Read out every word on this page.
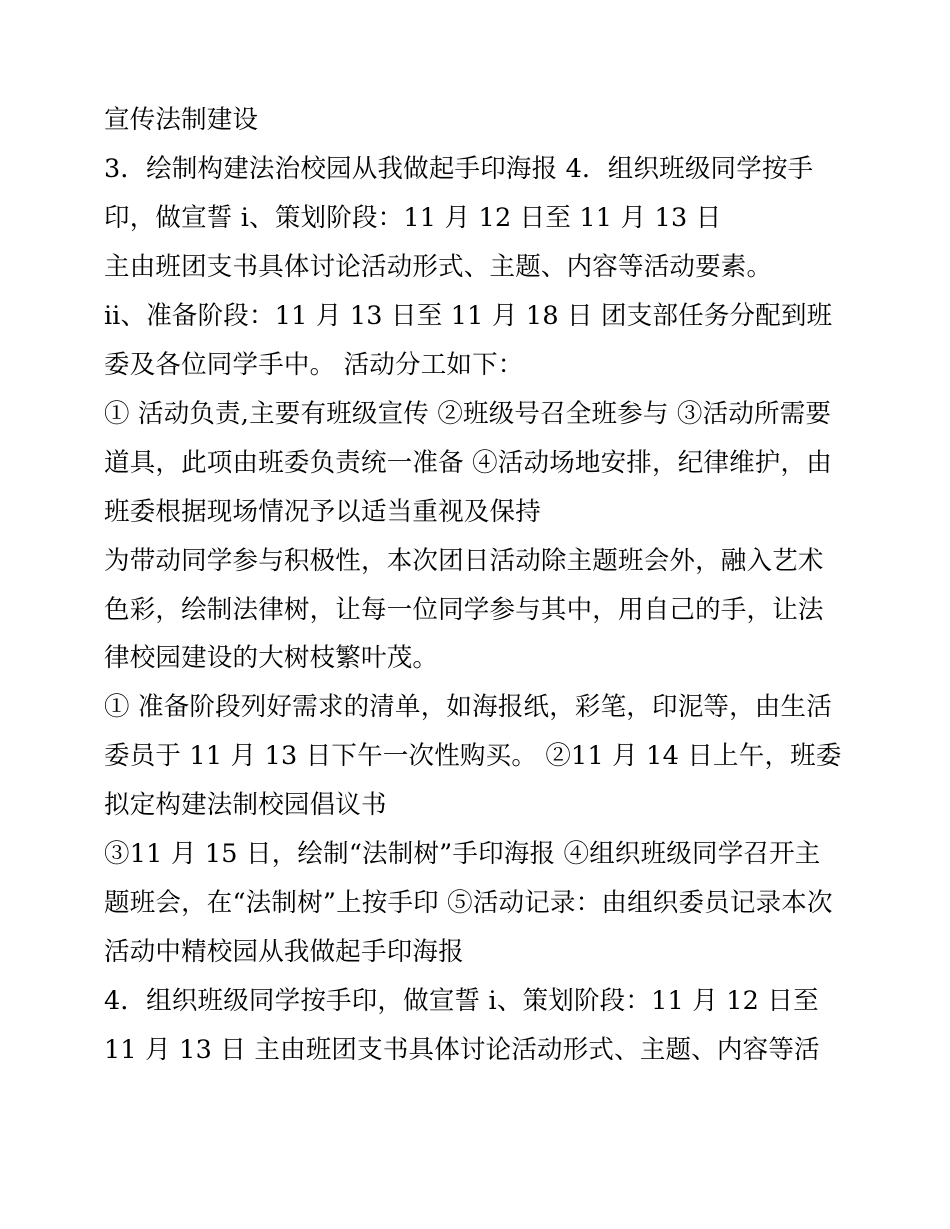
宣传法制建设

3．绘制构建法治校园从我做起手印海报 4．组织班级同学按手印，做宣誓 ⅰ、策划阶段：11 月 12 日至 11 月 13 日

主由班团支书具体讨论活动形式、主题、内容等活动要素。

ⅱ、准备阶段：11 月 13 日至 11 月 18 日 团支部任务分配到班委及各位同学手中。 活动分工如下：

① 活动负责,主要有班级宣传 ②班级号召全班参与 ③活动所需要道具，此项由班委负责统一准备 ④活动场地安排，纪律维护，由班委根据现场情况予以适当重视及保持

为带动同学参与积极性，本次团日活动除主题班会外，融入艺术色彩，绘制法律树，让每一位同学参与其中，用自己的手，让法律校园建设的大树枝繁叶茂。

① 准备阶段列好需求的清单，如海报纸，彩笔，印泥等，由生活委员于 11 月 13 日下午一次性购买。 ②11 月 14 日上午，班委拟定构建法制校园倡议书

③11 月 15 日，绘制“法制树”手印海报 ④组织班级同学召开主题班会，在“法制树”上按手印 ⑤活动记录：由组织委员记录本次活动中精校园从我做起手印海报

4．组织班级同学按手印，做宣誓 ⅰ、策划阶段：11 月 12 日至 11 月 13 日 主由班团支书具体讨论活动形式、主题、内容等活
